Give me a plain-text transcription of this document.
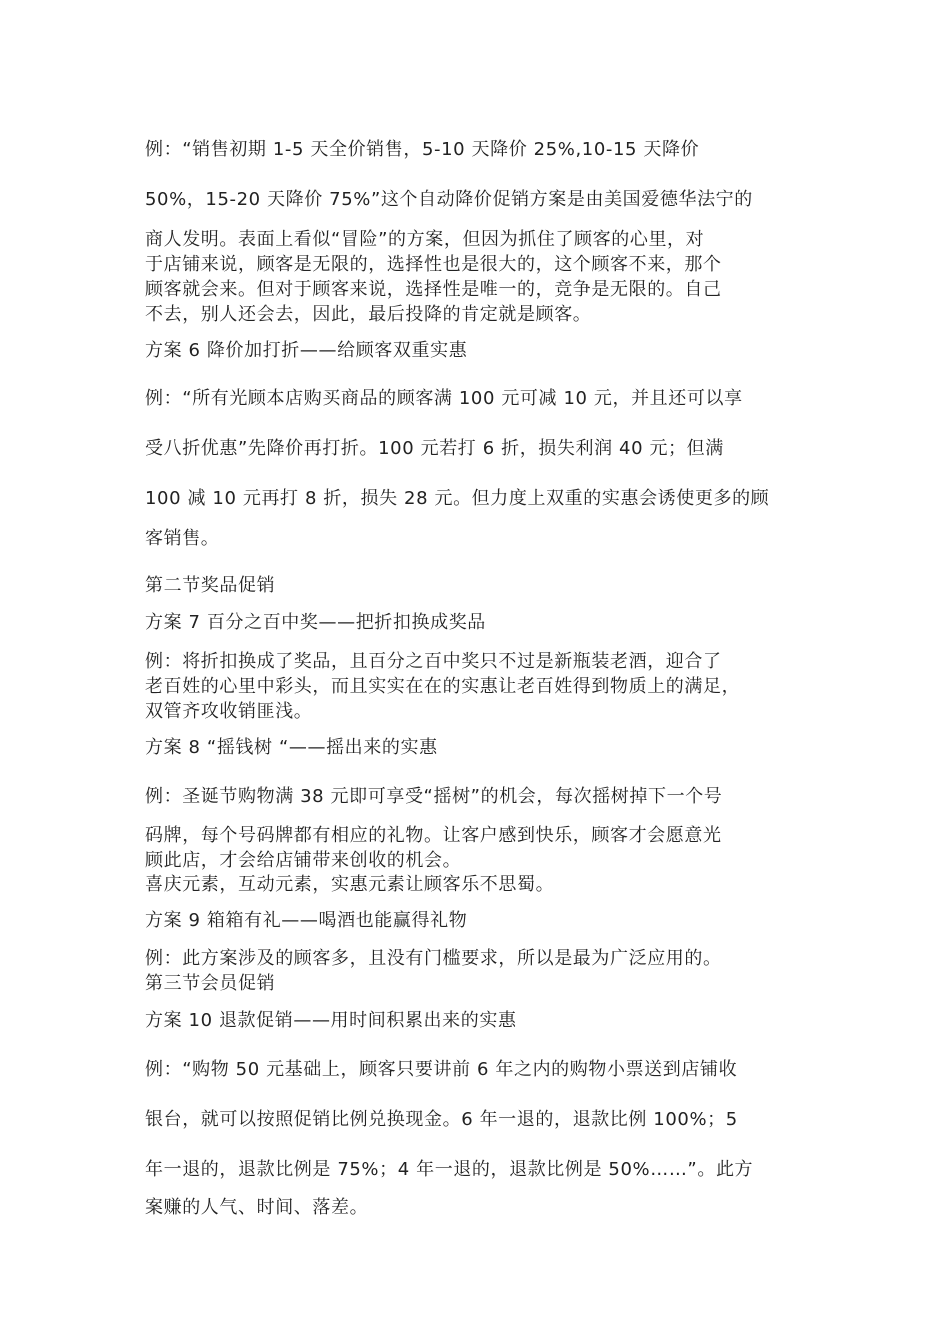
例：“销售初期 1-5 天全价销售，5-10 天降价 25%,10-15 天降价

50%，15-20 天降价 75%”这个自动降价促销方案是由美国爱德华法宁的

商人发明。表面上看似“冒险”的方案，但因为抓住了顾客的心里，对

于店铺来说，顾客是无限的，选择性也是很大的，这个顾客不来，那个

顾客就会来。但对于顾客来说，选择性是唯一的，竞争是无限的。自己

不去，别人还会去，因此，最后投降的肯定就是顾客。

方案 6 降价加打折——给顾客双重实惠

例：“所有光顾本店购买商品的顾客满 100 元可减 10 元，并且还可以享

受八折优惠”先降价再打折。100 元若打 6 折，损失利润 40 元；但满

100 减 10 元再打 8 折，损失 28 元。但力度上双重的实惠会诱使更多的顾

客销售。

第二节奖品促销

方案 7 百分之百中奖——把折扣换成奖品

例：将折扣换成了奖品，且百分之百中奖只不过是新瓶装老酒，迎合了

老百姓的心里中彩头，而且实实在在的实惠让老百姓得到物质上的满足，

双管齐攻收销匪浅。

方案 8 “摇钱树 “——摇出来的实惠

例：圣诞节购物满 38 元即可享受“摇树”的机会，每次摇树掉下一个号

码牌，每个号码牌都有相应的礼物。让客户感到快乐，顾客才会愿意光

顾此店，才会给店铺带来创收的机会。

喜庆元素，互动元素，实惠元素让顾客乐不思蜀。

方案 9 箱箱有礼——喝酒也能赢得礼物

例：此方案涉及的顾客多，且没有门槛要求，所以是最为广泛应用的。

第三节会员促销

方案 10 退款促销——用时间积累出来的实惠

例：“购物 50 元基础上，顾客只要讲前 6 年之内的购物小票送到店铺收

银台，就可以按照促销比例兑换现金。6 年一退的，退款比例 100%；5

年一退的，退款比例是 75%；4 年一退的，退款比例是 50%……”。此方

案赚的人气、时间、落差。
